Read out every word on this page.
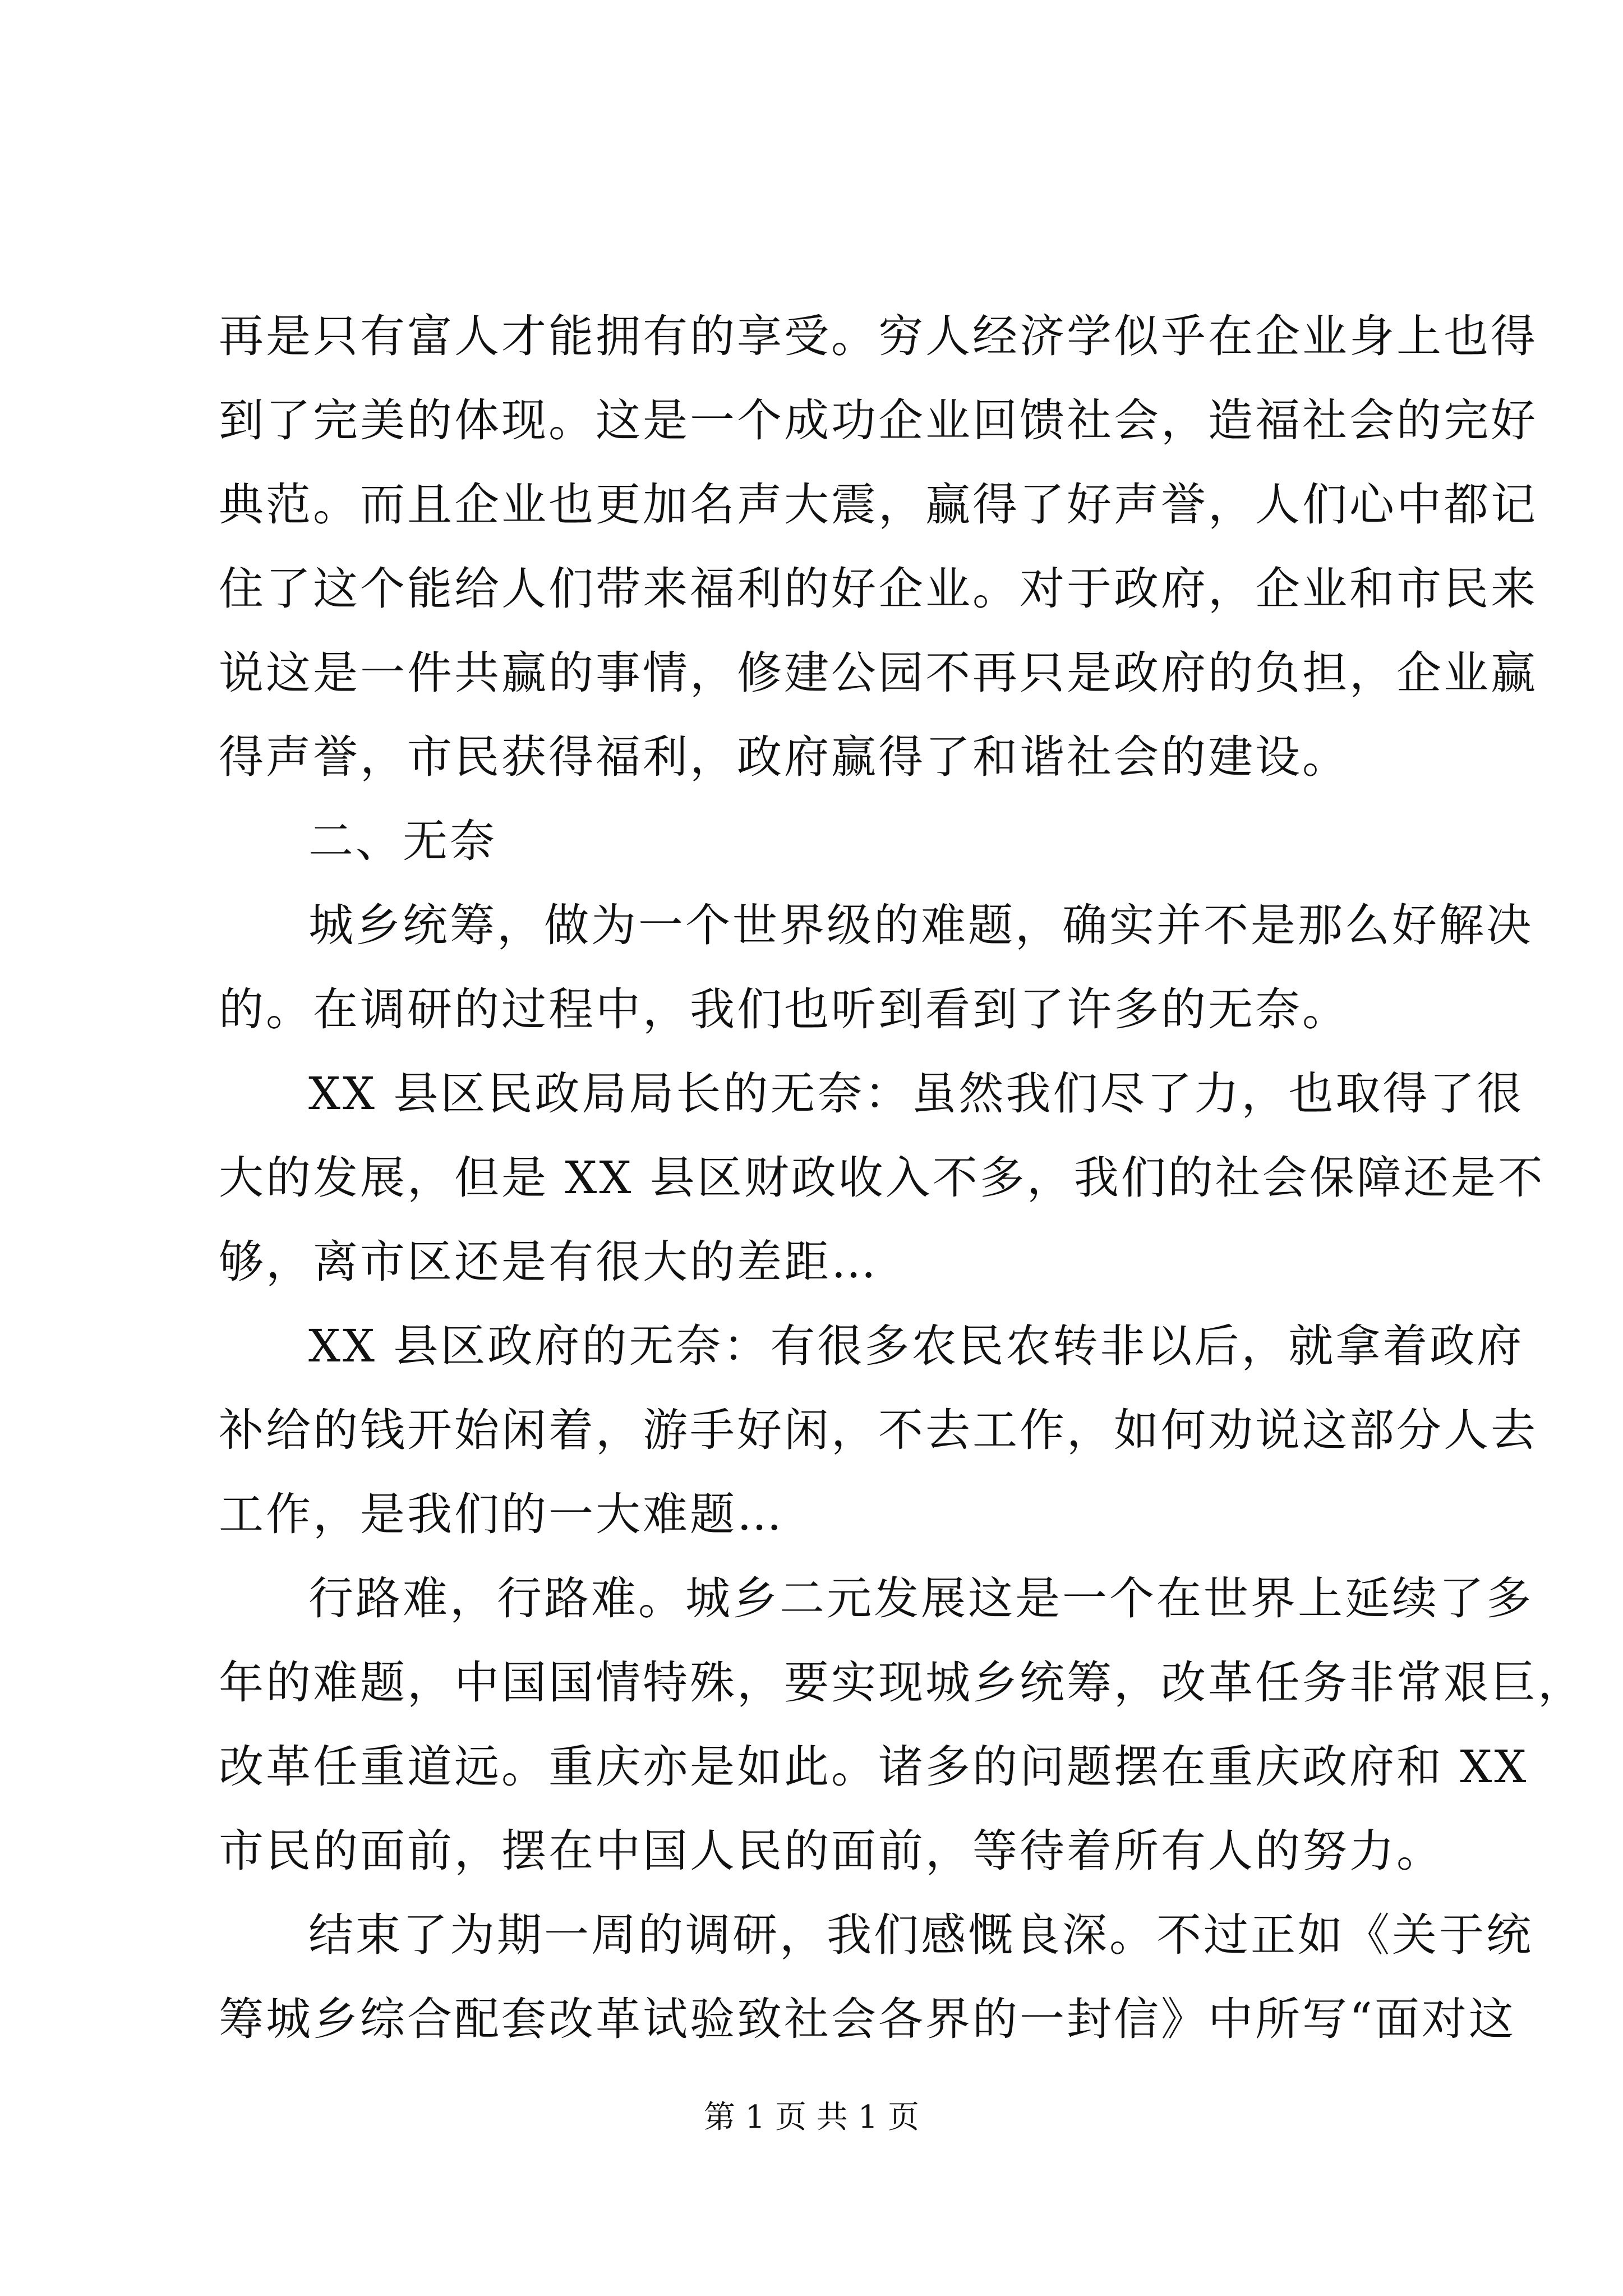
再是只有富人才能拥有的享受。穷人经济学似乎在企业身上也得
到了完美的体现。这是一个成功企业回馈社会，造福社会的完好
典范。而且企业也更加名声大震，赢得了好声誉，人们心中都记
住了这个能给人们带来福利的好企业。对于政府，企业和市民来
说这是一件共赢的事情，修建公园不再只是政府的负担，企业赢
得声誉，市民获得福利，政府赢得了和谐社会的建设。
二、无奈
城乡统筹，做为一个世界级的难题，确实并不是那么好解决
的。在调研的过程中，我们也听到看到了许多的无奈。
XX 县区民政局局长的无奈：虽然我们尽了力，也取得了很
大的发展，但是 XX 县区财政收入不多，我们的社会保障还是不
够，离市区还是有很大的差距…
XX 县区政府的无奈：有很多农民农转非以后，就拿着政府
补给的钱开始闲着，游手好闲，不去工作，如何劝说这部分人去
工作，是我们的一大难题…
行路难，行路难。城乡二元发展这是一个在世界上延续了多
年的难题，中国国情特殊，要实现城乡统筹，改革任务非常艰巨，
改革任重道远。重庆亦是如此。诸多的问题摆在重庆政府和 XX
市民的面前，摆在中国人民的面前，等待着所有人的努力。
结束了为期一周的调研，我们感慨良深。不过正如《关于统
筹城乡综合配套改革试验致社会各界的一封信》中所写“面对这
第 1 页 共 1 页
